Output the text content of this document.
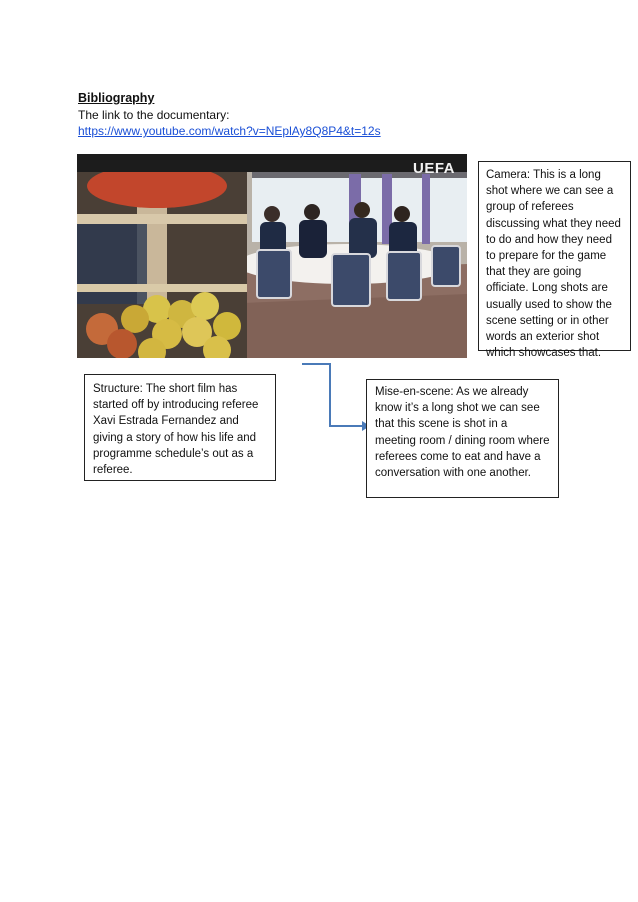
Bibliography
The link to the documentary:
https://www.youtube.com/watch?v=NEplAy8Q8P4&t=12s
UEFA	Camera: This is a long shot where we can see a group of referees discussing what they need to do and how they need to prepare for the game that they are going officiate. Long shots are usually used to show the scene setting or in other words an exterior shot which showcases that.
Structure: The short film has started off by introducing referee Xavi Estrada Fernandez and giving a story of how his life and programme schedule’s out as a referee.
Mise-en-scene: As we already know it’s a long shot we can see that this scene is shot in a meeting room / dining room where referees come to eat and have a conversation with one another.
